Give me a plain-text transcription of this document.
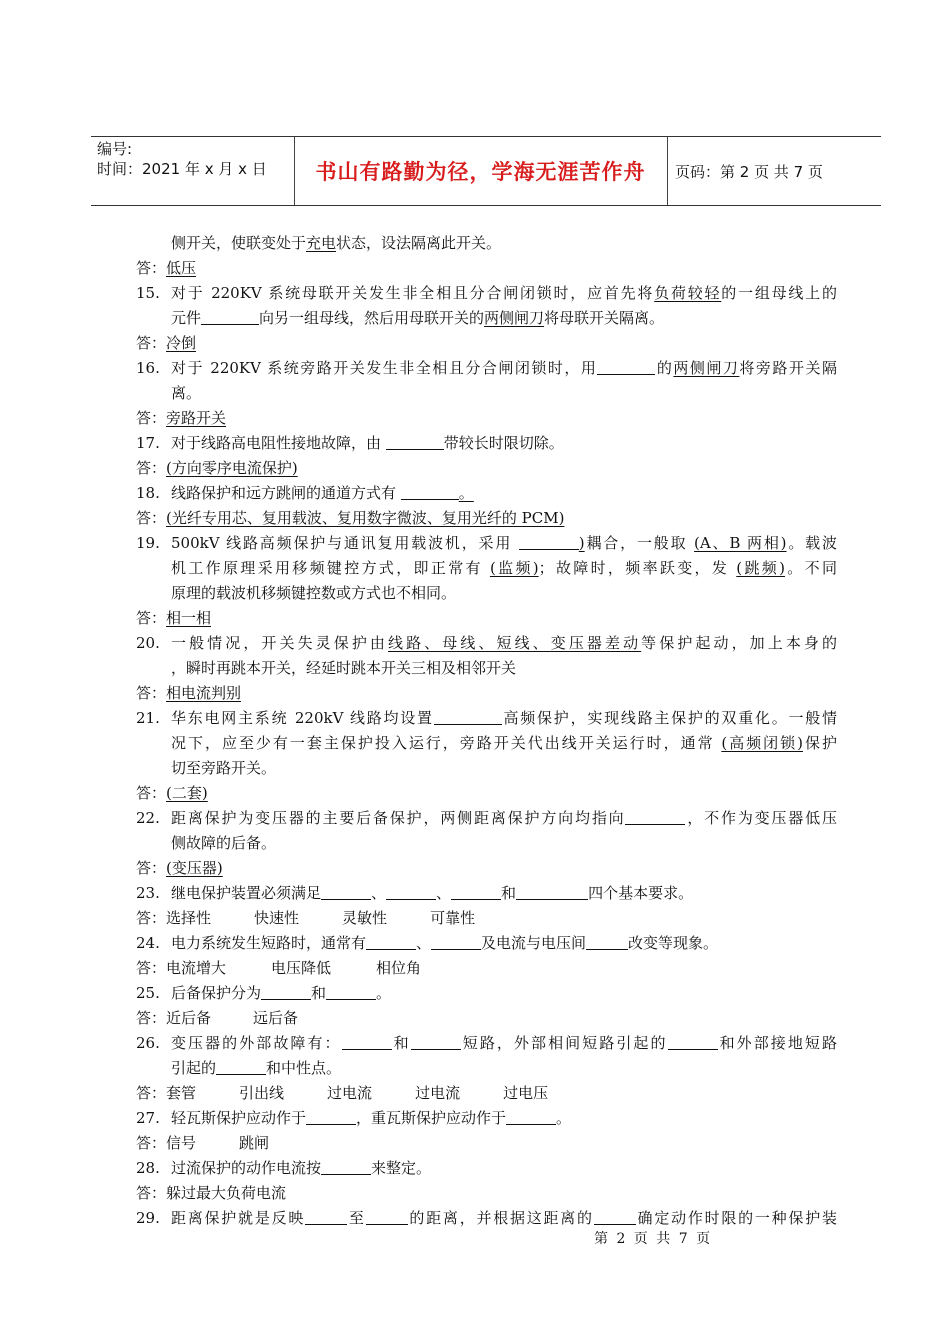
编号:
时间：2021 年 x 月 x 日	书山有路勤为径，学海无涯苦作舟	页码：第 2 页 共 7 页
侧开关，使联变处于充电状态，设法隔离此开关。
答：低压
15. 对于 220KV 系统母联开关发生非全相且分合闸闭锁时，应首先将负荷较轻的一组母线上的
元件	向另一组母线，然后用母联开关的两侧闸刀将母联开关隔离。
答：冷倒
16. 对于 220KV 系统旁路开关发生非全相且分合闸闭锁时，用	的两侧闸刀将旁路开关隔
离。
答：旁路开关
17. 对于线路高电阻性接地故障，由	带较长时限切除。
答：(方向零序电流保护)
18. 线路保护和远方跳闸的通道方式有	。
答：(光纤专用芯、复用载波、复用数字微波、复用光纤的 PCM)
19. 500kV 线路高频保护与通讯复用载波机，采用	)耦合，一般取 (A、B 两相)。载波
机工作原理采用移频键控方式，即正常有 (监频)；故障时，频率跃变，发 (跳频)。不同
原理的载波机移频键控数或方式也不相同。
答：相一相
20. 一般情况，开关失灵保护由线路、母线、短线、变压器差动等保护起动，加上本身的
，瞬时再跳本开关，经延时跳本开关三相及相邻开关
答：相电流判别
21. 华东电网主系统 220kV 线路均设置	高频保护，实现线路主保护的双重化。一般情
况下，应至少有一套主保护投入运行，旁路开关代出线开关运行时，通常 (高频闭锁)保护
切至旁路开关。
答：(二套)
22. 距离保护为变压器的主要后备保护，两侧距离保护方向均指向	，不作为变压器低压
侧故障的后备。
答：(变压器)
23. 继电保护装置必须满足	、	、	和	四个基本要求。
答：选择性	快速性	灵敏性	可靠性
24. 电力系统发生短路时，通常有	、	及电流与电压间	改变等现象。
答：电流增大	电压降低	相位角
25. 后备保护分为	和	。
答：近后备	远后备
26. 变压器的外部故障有：	和	短路，外部相间短路引起的	和外部接地短路
引起的	和中性点。
答：套管	引出线	过电流	过电流	过电压
27. 轻瓦斯保护应动作于	，重瓦斯保护应动作于	。
答：信号	跳闸
28. 过流保护的动作电流按	来整定。
答：躲过最大负荷电流
29. 距离保护就是反映	至	的距离，并根据这距离的	确定动作时限的一种保护装
第 2 页 共 7 页
